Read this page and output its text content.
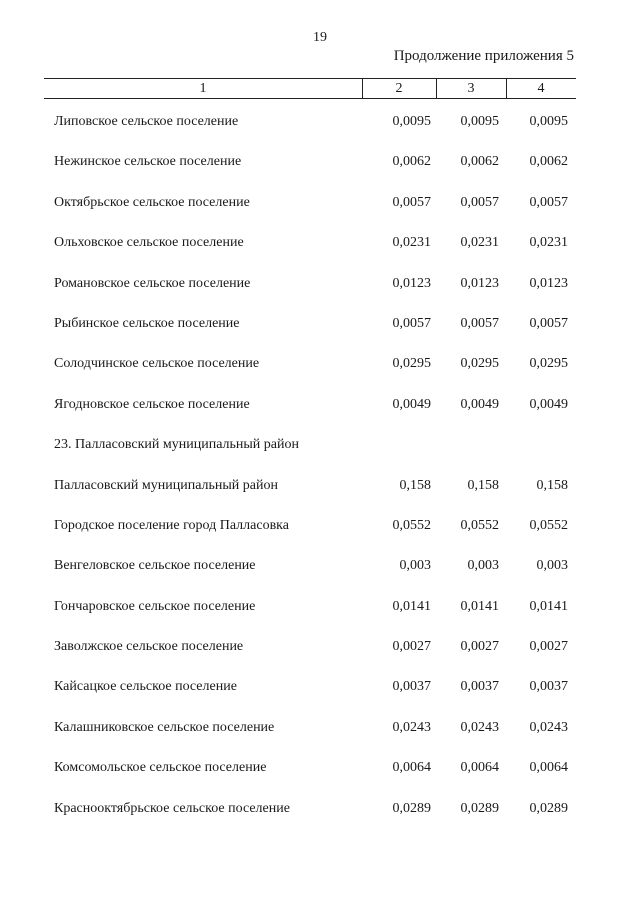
19
Продолжение приложения 5
1	2	3	4
Липовское сельское поселение	0,0095	0,0095	0,0095
Нежинское сельское поселение	0,0062	0,0062	0,0062
Октябрьское сельское поселение	0,0057	0,0057	0,0057
Ольховское сельское поселение	0,0231	0,0231	0,0231
Романовское сельское поселение	0,0123	0,0123	0,0123
Рыбинское сельское поселение	0,0057	0,0057	0,0057
Солодчинское сельское поселение	0,0295	0,0295	0,0295
Ягодновское сельское поселение	0,0049	0,0049	0,0049
23. Палласовский муниципальный район
Палласовский муниципальный район	0,158	0,158	0,158
Городское поселение город Палласовка	0,0552	0,0552	0,0552
Венгеловское сельское поселение	0,003	0,003	0,003
Гончаровское сельское поселение	0,0141	0,0141	0,0141
Заволжское сельское поселение	0,0027	0,0027	0,0027
Кайсацкое сельское поселение	0,0037	0,0037	0,0037
Калашниковское сельское поселение	0,0243	0,0243	0,0243
Комсомольское сельское поселение	0,0064	0,0064	0,0064
Краснооктябрьское сельское поселение	0,0289	0,0289	0,0289
